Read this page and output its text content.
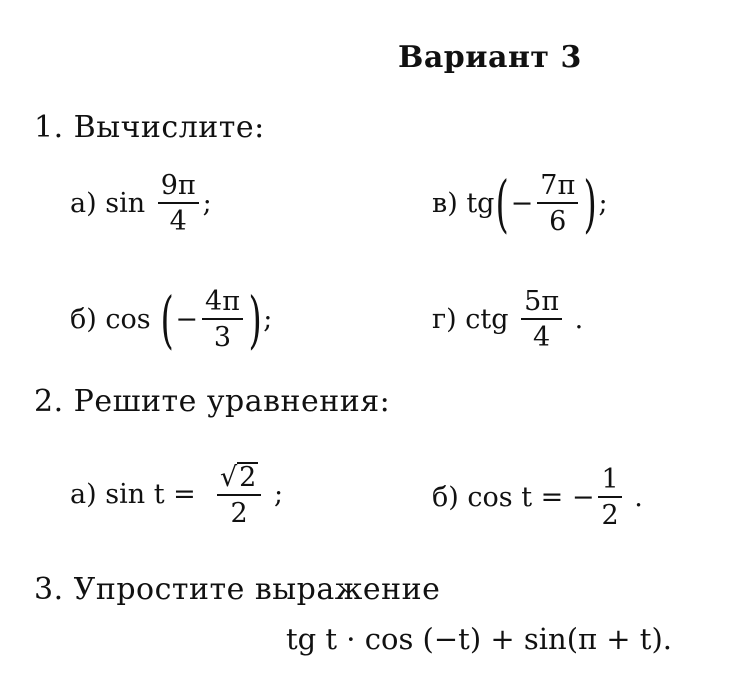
Вариант 3
1. Вычислите:
а)
sin
$\frac{9\pi}{4}$ ;	в)
tg ( − $\frac{7\pi}{6}$ ) ;
б)
cos
( − $\frac{4\pi}{3}$ ) ;	г)
ctg
$\frac{5\pi}{4}$
.
2. Решите уравнения:
а)
sin t =
$\frac{√ 2}{2}$
;	б)
cos t = − $\frac{1}{2}$
.
3. Упростите выражение
tg t · cos (−t) + sin(π + t).
